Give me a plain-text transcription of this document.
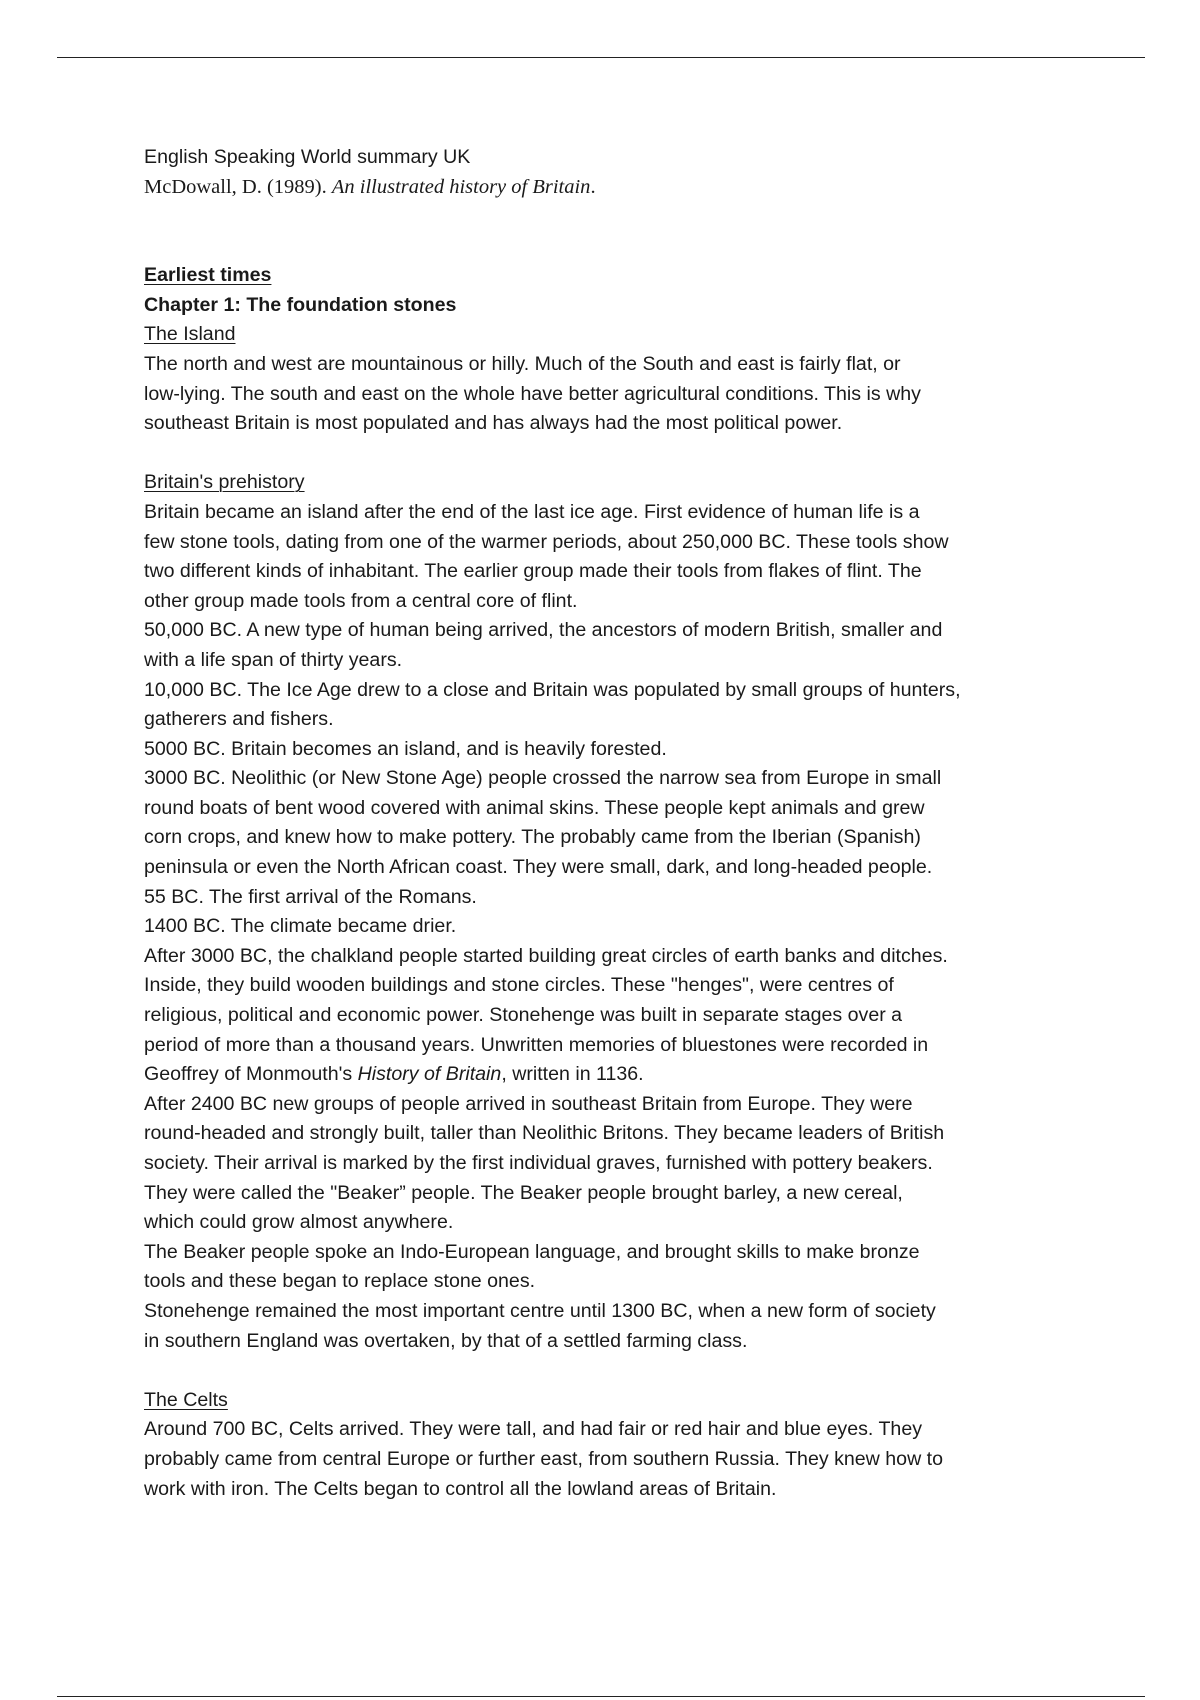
English Speaking World summary UK
McDowall, D. (1989). An illustrated history of Britain.
Earliest times
Chapter 1: The foundation stones
The Island
The north and west are mountainous or hilly. Much of the South and east is fairly flat, or
low-lying. The south and east on the whole have better agricultural conditions. This is why
southeast Britain is most populated and has always had the most political power.
Britain's prehistory
Britain became an island after the end of the last ice age. First evidence of human life is a
few stone tools, dating from one of the warmer periods, about 250,000 BC. These tools show
two different kinds of inhabitant. The earlier group made their tools from flakes of flint. The
other group made tools from a central core of flint.
50,000 BC. A new type of human being arrived, the ancestors of modern British, smaller and
with a life span of thirty years.
10,000 BC. The Ice Age drew to a close and Britain was populated by small groups of hunters,
gatherers and fishers.
5000 BC. Britain becomes an island, and is heavily forested.
3000 BC. Neolithic (or New Stone Age) people crossed the narrow sea from Europe in small
round boats of bent wood covered with animal skins. These people kept animals and grew
corn crops, and knew how to make pottery. The probably came from the Iberian (Spanish)
peninsula or even the North African coast. They were small, dark, and long-headed people.
55 BC. The first arrival of the Romans.
1400 BC. The climate became drier.
After 3000 BC, the chalkland people started building great circles of earth banks and ditches.
Inside, they build wooden buildings and stone circles. These "henges", were centres of
religious, political and economic power. Stonehenge was built in separate stages over a
period of more than a thousand years. Unwritten memories of bluestones were recorded in
Geoffrey of Monmouth's History of Britain, written in 1136.
After 2400 BC new groups of people arrived in southeast Britain from Europe. They were
round-headed and strongly built, taller than Neolithic Britons. They became leaders of British
society. Their arrival is marked by the first individual graves, furnished with pottery beakers.
They were called the "Beaker” people. The Beaker people brought barley, a new cereal,
which could grow almost anywhere.
The Beaker people spoke an Indo-European language, and brought skills to make bronze
tools and these began to replace stone ones.
Stonehenge remained the most important centre until 1300 BC, when a new form of society
in southern England was overtaken, by that of a settled farming class.
The Celts
Around 700 BC, Celts arrived. They were tall, and had fair or red hair and blue eyes. They
probably came from central Europe or further east, from southern Russia. They knew how to
work with iron. The Celts began to control all the lowland areas of Britain.
